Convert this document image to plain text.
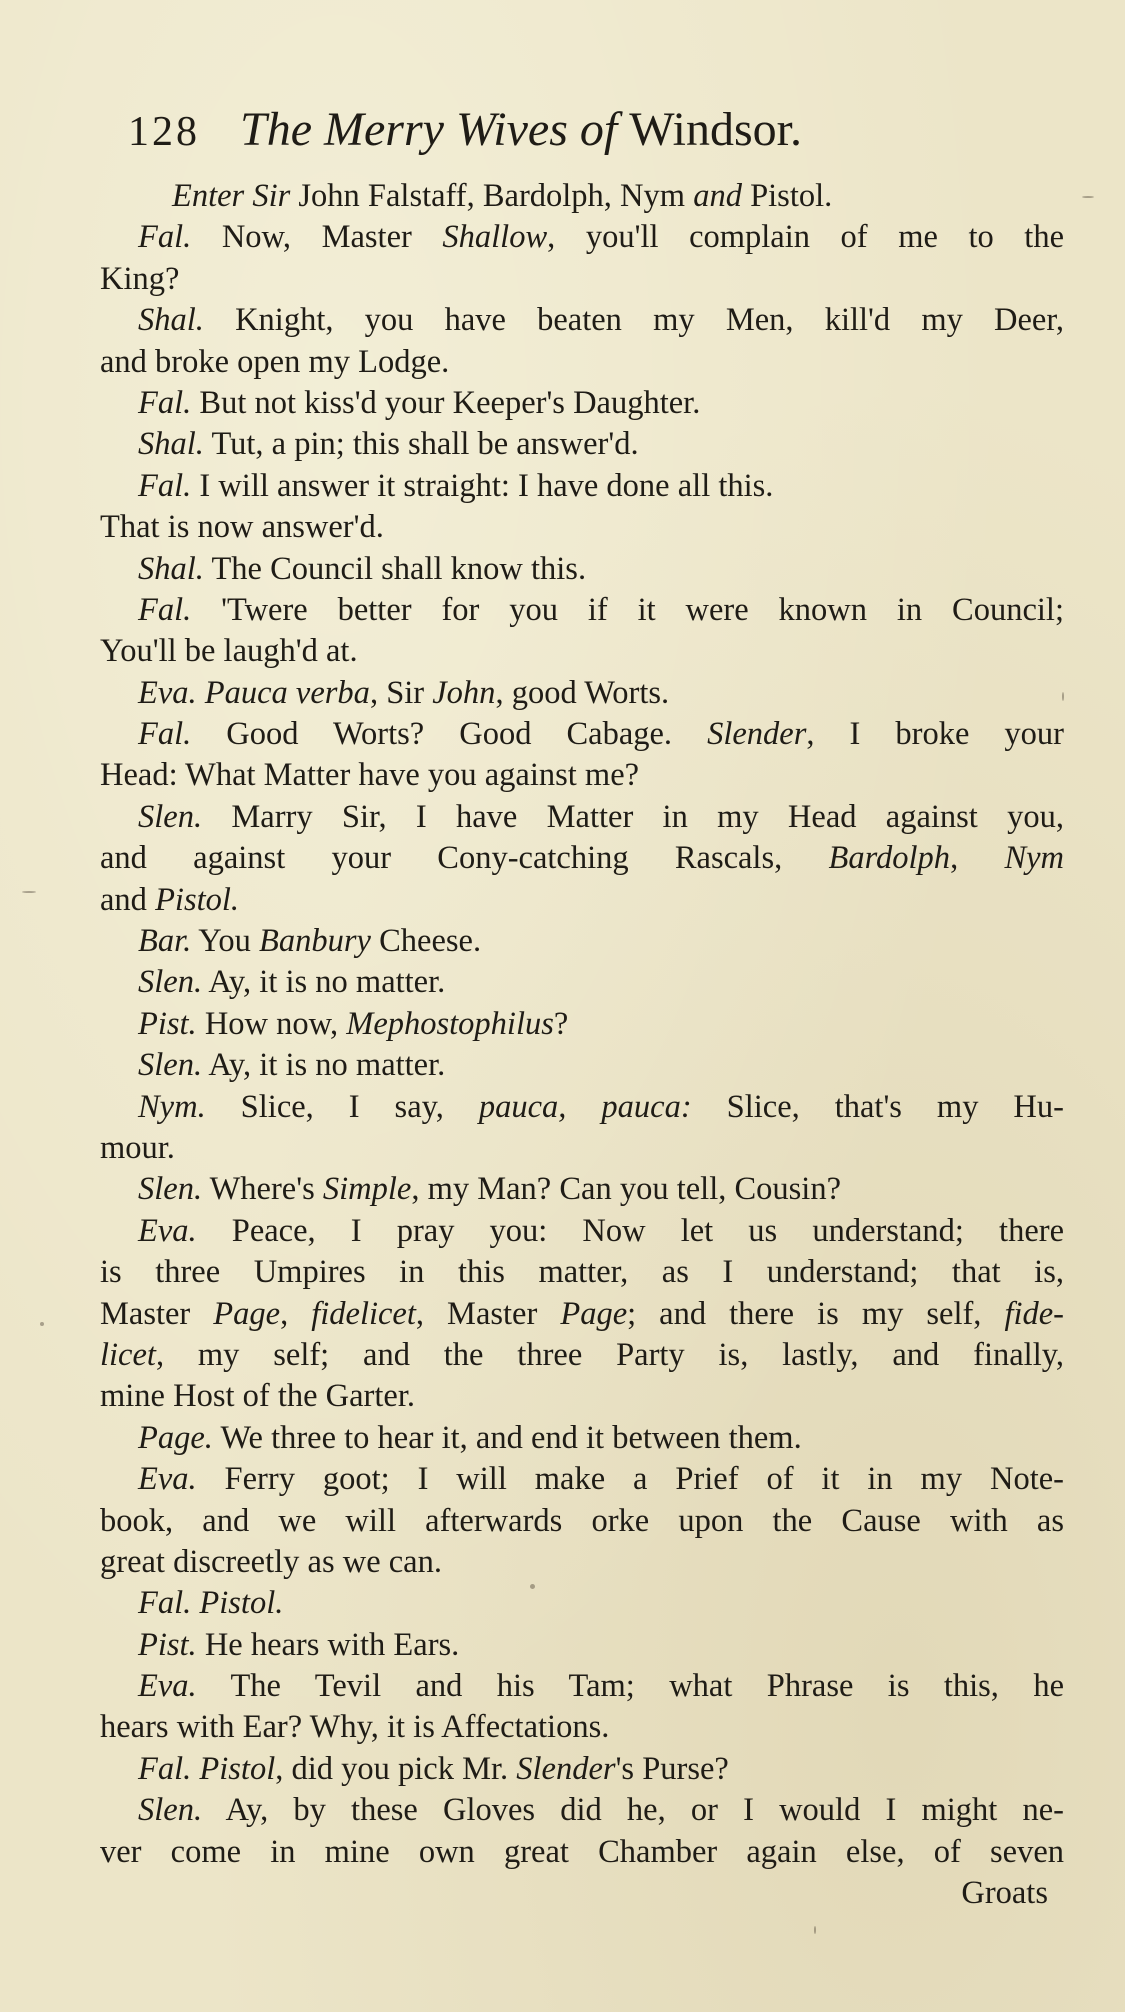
128 The Merry Wives of Windsor.
Enter Sir John Falstaff, Bardolph, Nym and Pistol.
Fal. Now, Master Shallow, you'll complain of me to the
King?
Shal. Knight, you have beaten my Men, kill'd my Deer,
and broke open my Lodge.
Fal. But not kiss'd your Keeper's Daughter.
Shal. Tut, a pin; this shall be answer'd.
Fal. I will answer it straight: I have done all this.
That is now answer'd.
Shal. The Council shall know this.
Fal. 'Twere better for you if it were known in Council;
You'll be laugh'd at.
Eva. Pauca verba, Sir John, good Worts.
Fal. Good Worts? Good Cabage. Slender, I broke your
Head: What Matter have you against me?
Slen. Marry Sir, I have Matter in my Head against you,
and against your Cony-catching Rascals, Bardolph, Nym
and Pistol.
Bar. You Banbury Cheese.
Slen. Ay, it is no matter.
Pist. How now, Mephostophilus?
Slen. Ay, it is no matter.
Nym. Slice, I say, pauca, pauca: Slice, that's my Hu-
mour.
Slen. Where's Simple, my Man? Can you tell, Cousin?
Eva. Peace, I pray you: Now let us understand; there
is three Umpires in this matter, as I understand; that is,
Master Page, fidelicet, Master Page; and there is my self, fide-
licet, my self; and the three Party is, lastly, and finally,
mine Host of the Garter.
Page. We three to hear it, and end it between them.
Eva. Ferry goot; I will make a Prief of it in my Note-
book, and we will afterwards orke upon the Cause with as
great discreetly as we can.
Fal. Pistol.
Pist. He hears with Ears.
Eva. The Tevil and his Tam; what Phrase is this, he
hears with Ear? Why, it is Affectations.
Fal. Pistol, did you pick Mr. Slender's Purse?
Slen. Ay, by these Gloves did he, or I would I might ne-
ver come in mine own great Chamber again else, of seven
Groats
